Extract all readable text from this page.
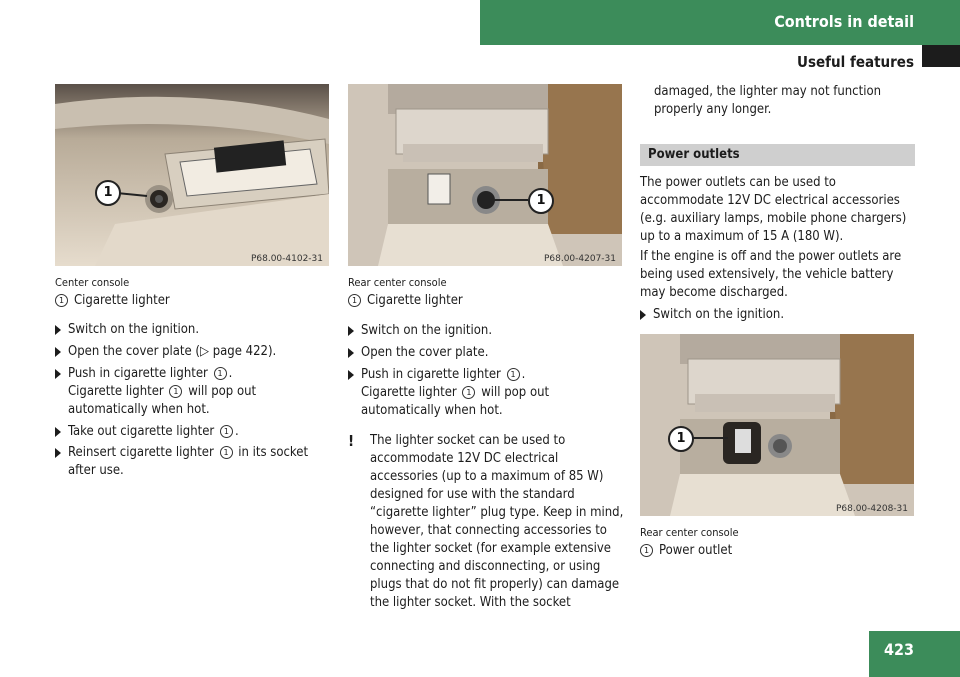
Controls in detail
Useful features
1
P68.00-4102-31
Center console
1 Cigarette lighter
Switch on the ignition.
Open the cover plate (▷ page 422).
Push in cigarette lighter 1 .
Cigarette lighter 1 will pop out
automatically when hot.
Take out cigarette lighter 1 .
Reinsert cigarette lighter 1 in its socket
after use.
1
P68.00-4207-31
Rear center console
1 Cigarette lighter
Switch on the ignition.
Open the cover plate.
Push in cigarette lighter 1 .
Cigarette lighter 1 will pop out
automatically when hot.
! The lighter socket can be used to
accommodate 12V DC electrical
accessories (up to a maximum of 85 W)
designed for use with the standard
“cigarette lighter” plug type. Keep in mind,
however, that connecting accessories to
the lighter socket (for example extensive
connecting and disconnecting, or using
plugs that do not fit properly) can damage
the lighter socket. With the socket
damaged, the lighter may not function
properly any longer.
Power outlets
The power outlets can be used to
accommodate 12V DC electrical accessories
(e.g. auxiliary lamps, mobile phone chargers)
up to a maximum of 15 A (180 W).
If the engine is off and the power outlets are
being used extensively, the vehicle battery
may become discharged.
Switch on the ignition.
1
P68.00-4208-31
Rear center console
1 Power outlet
423
